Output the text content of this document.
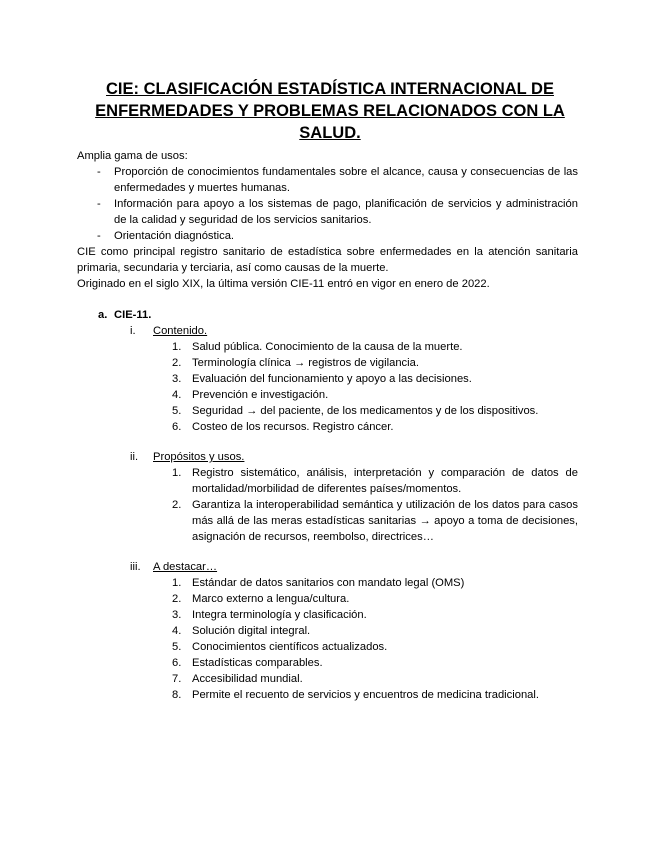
CIE: CLASIFICACIÓN ESTADÍSTICA INTERNACIONAL DE ENFERMEDADES Y PROBLEMAS RELACIONADOS CON LA SALUD.
Amplia gama de usos:
- Proporción de conocimientos fundamentales sobre el alcance, causa y consecuencias de las enfermedades y muertes humanas.
- Información para apoyo a los sistemas de pago, planificación de servicios y administración de la calidad y seguridad de los servicios sanitarios.
- Orientación diagnóstica.
CIE como principal registro sanitario de estadística sobre enfermedades en la atención sanitaria primaria, secundaria y terciaria, así como causas de la muerte.
Originado en el siglo XIX, la última versión CIE-11 entró en vigor en enero de 2022.
a. CIE-11.
i. Contenido.
1. Salud pública. Conocimiento de la causa de la muerte.
2. Terminología clínica → registros de vigilancia.
3. Evaluación del funcionamiento y apoyo a las decisiones.
4. Prevención e investigación.
5. Seguridad → del paciente, de los medicamentos y de los dispositivos.
6. Costeo de los recursos. Registro cáncer.
ii. Propósitos y usos.
1. Registro sistemático, análisis, interpretación y comparación de datos de mortalidad/morbilidad de diferentes países/momentos.
2. Garantiza la interoperabilidad semántica y utilización de los datos para casos más allá de las meras estadísticas sanitarias → apoyo a toma de decisiones, asignación de recursos, reembolso, directrices…
iii. A destacar…
1. Estándar de datos sanitarios con mandato legal (OMS)
2. Marco externo a lengua/cultura.
3. Integra terminología y clasificación.
4. Solución digital integral.
5. Conocimientos científicos actualizados.
6. Estadísticas comparables.
7. Accesibilidad mundial.
8. Permite el recuento de servicios y encuentros de medicina tradicional.
